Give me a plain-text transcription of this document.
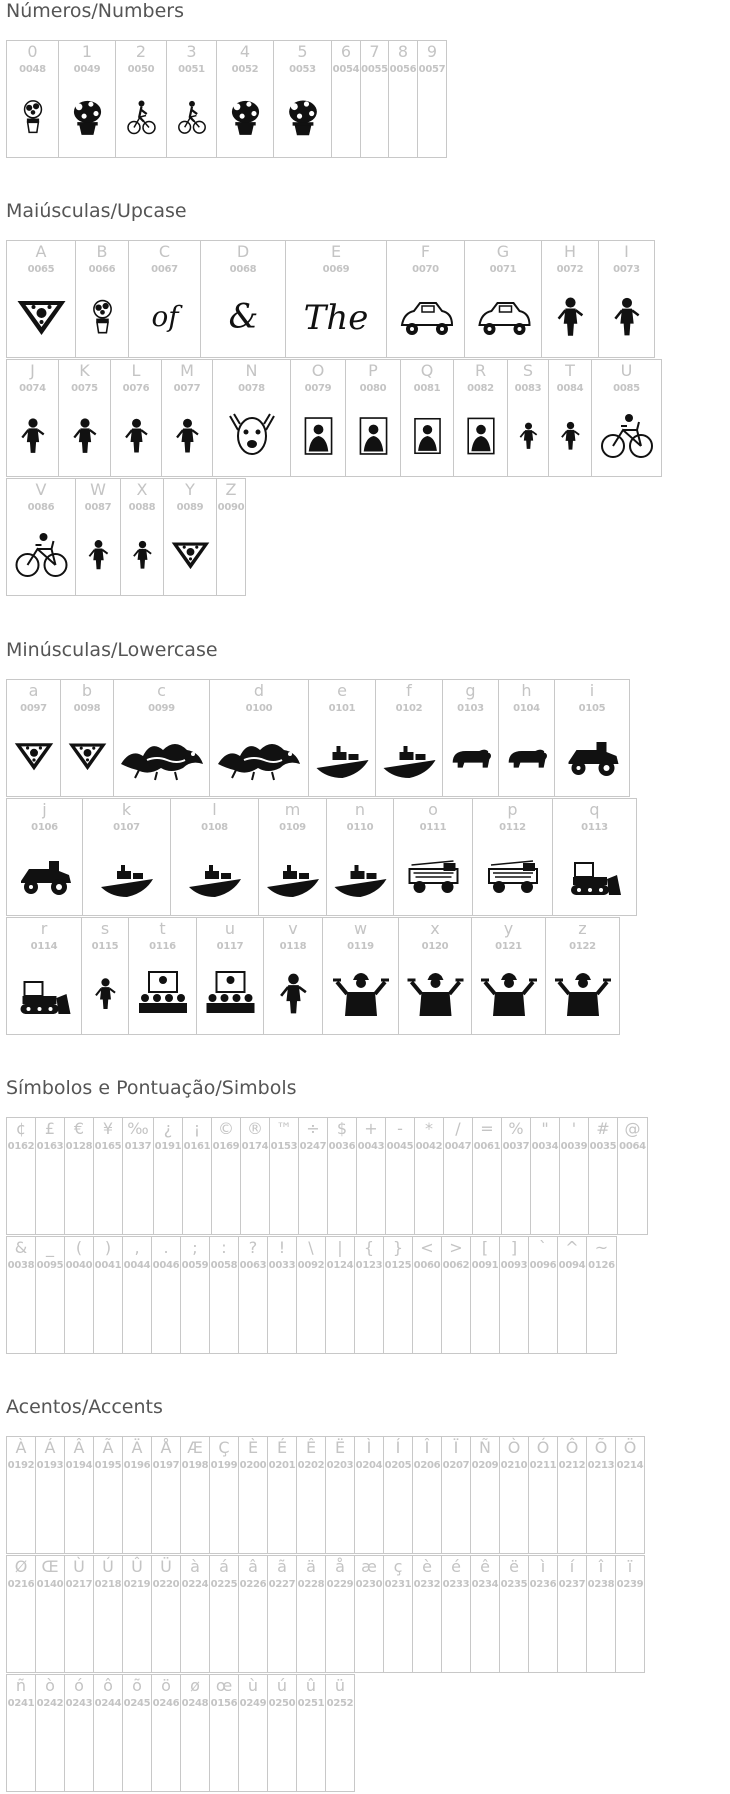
Números/Numbers
0
0048
1
0049
2
0050
3
0051
4
0052
5
0053
6
0054
7
0055
8
0056
9
0057
Maiúsculas/Upcase
A
0065
B
0066
C
0067
of
D
0068
&
E
0069
The
F
0070
G
0071
H
0072
I
0073
J
0074
K
0075
L
0076
M
0077
N
0078
O
0079
P
0080
Q
0081
R
0082
S
0083
T
0084
U
0085
V
0086
W
0087
X
0088
Y
0089
Z
0090
Minúsculas/Lowercase
a
0097
b
0098
c
0099
d
0100
e
0101
f
0102
g
0103
h
0104
i
0105
j
0106
k
0107
l
0108
m
0109
n
0110
o
0111
p
0112
q
0113
r
0114
s
0115
t
0116
u
0117
v
0118
w
0119
x
0120
y
0121
z
0122
Símbolos e Pontuação/Simbols
¢
0162
£
0163
€
0128
¥
0165
‰
0137
¿
0191
¡
0161
©
0169
®
0174
™
0153
÷
0247
$
0036
+
0043
-
0045
*
0042
/
0047
=
0061
%
0037
"
0034
'
0039
#
0035
@
0064
&
0038
_
0095
(
0040
)
0041
,
0044
.
0046
;
0059
:
0058
?
0063
!
0033
\
0092
|
0124
{
0123
}
0125
<
0060
>
0062
[
0091
]
0093
`
0096
^
0094
~
0126
Acentos/Accents
À
0192
Á
0193
Â
0194
Ã
0195
Ä
0196
Å
0197
Æ
0198
Ç
0199
È
0200
É
0201
Ê
0202
Ë
0203
Ì
0204
Í
0205
Î
0206
Ï
0207
Ñ
0209
Ò
0210
Ó
0211
Ô
0212
Õ
0213
Ö
0214
Ø
0216
Œ
0140
Ù
0217
Ú
0218
Û
0219
Ü
0220
à
0224
á
0225
â
0226
ã
0227
ä
0228
å
0229
æ
0230
ç
0231
è
0232
é
0233
ê
0234
ë
0235
ì
0236
í
0237
î
0238
ï
0239
ñ
0241
ò
0242
ó
0243
ô
0244
õ
0245
ö
0246
ø
0248
œ
0156
ù
0249
ú
0250
û
0251
ü
0252
